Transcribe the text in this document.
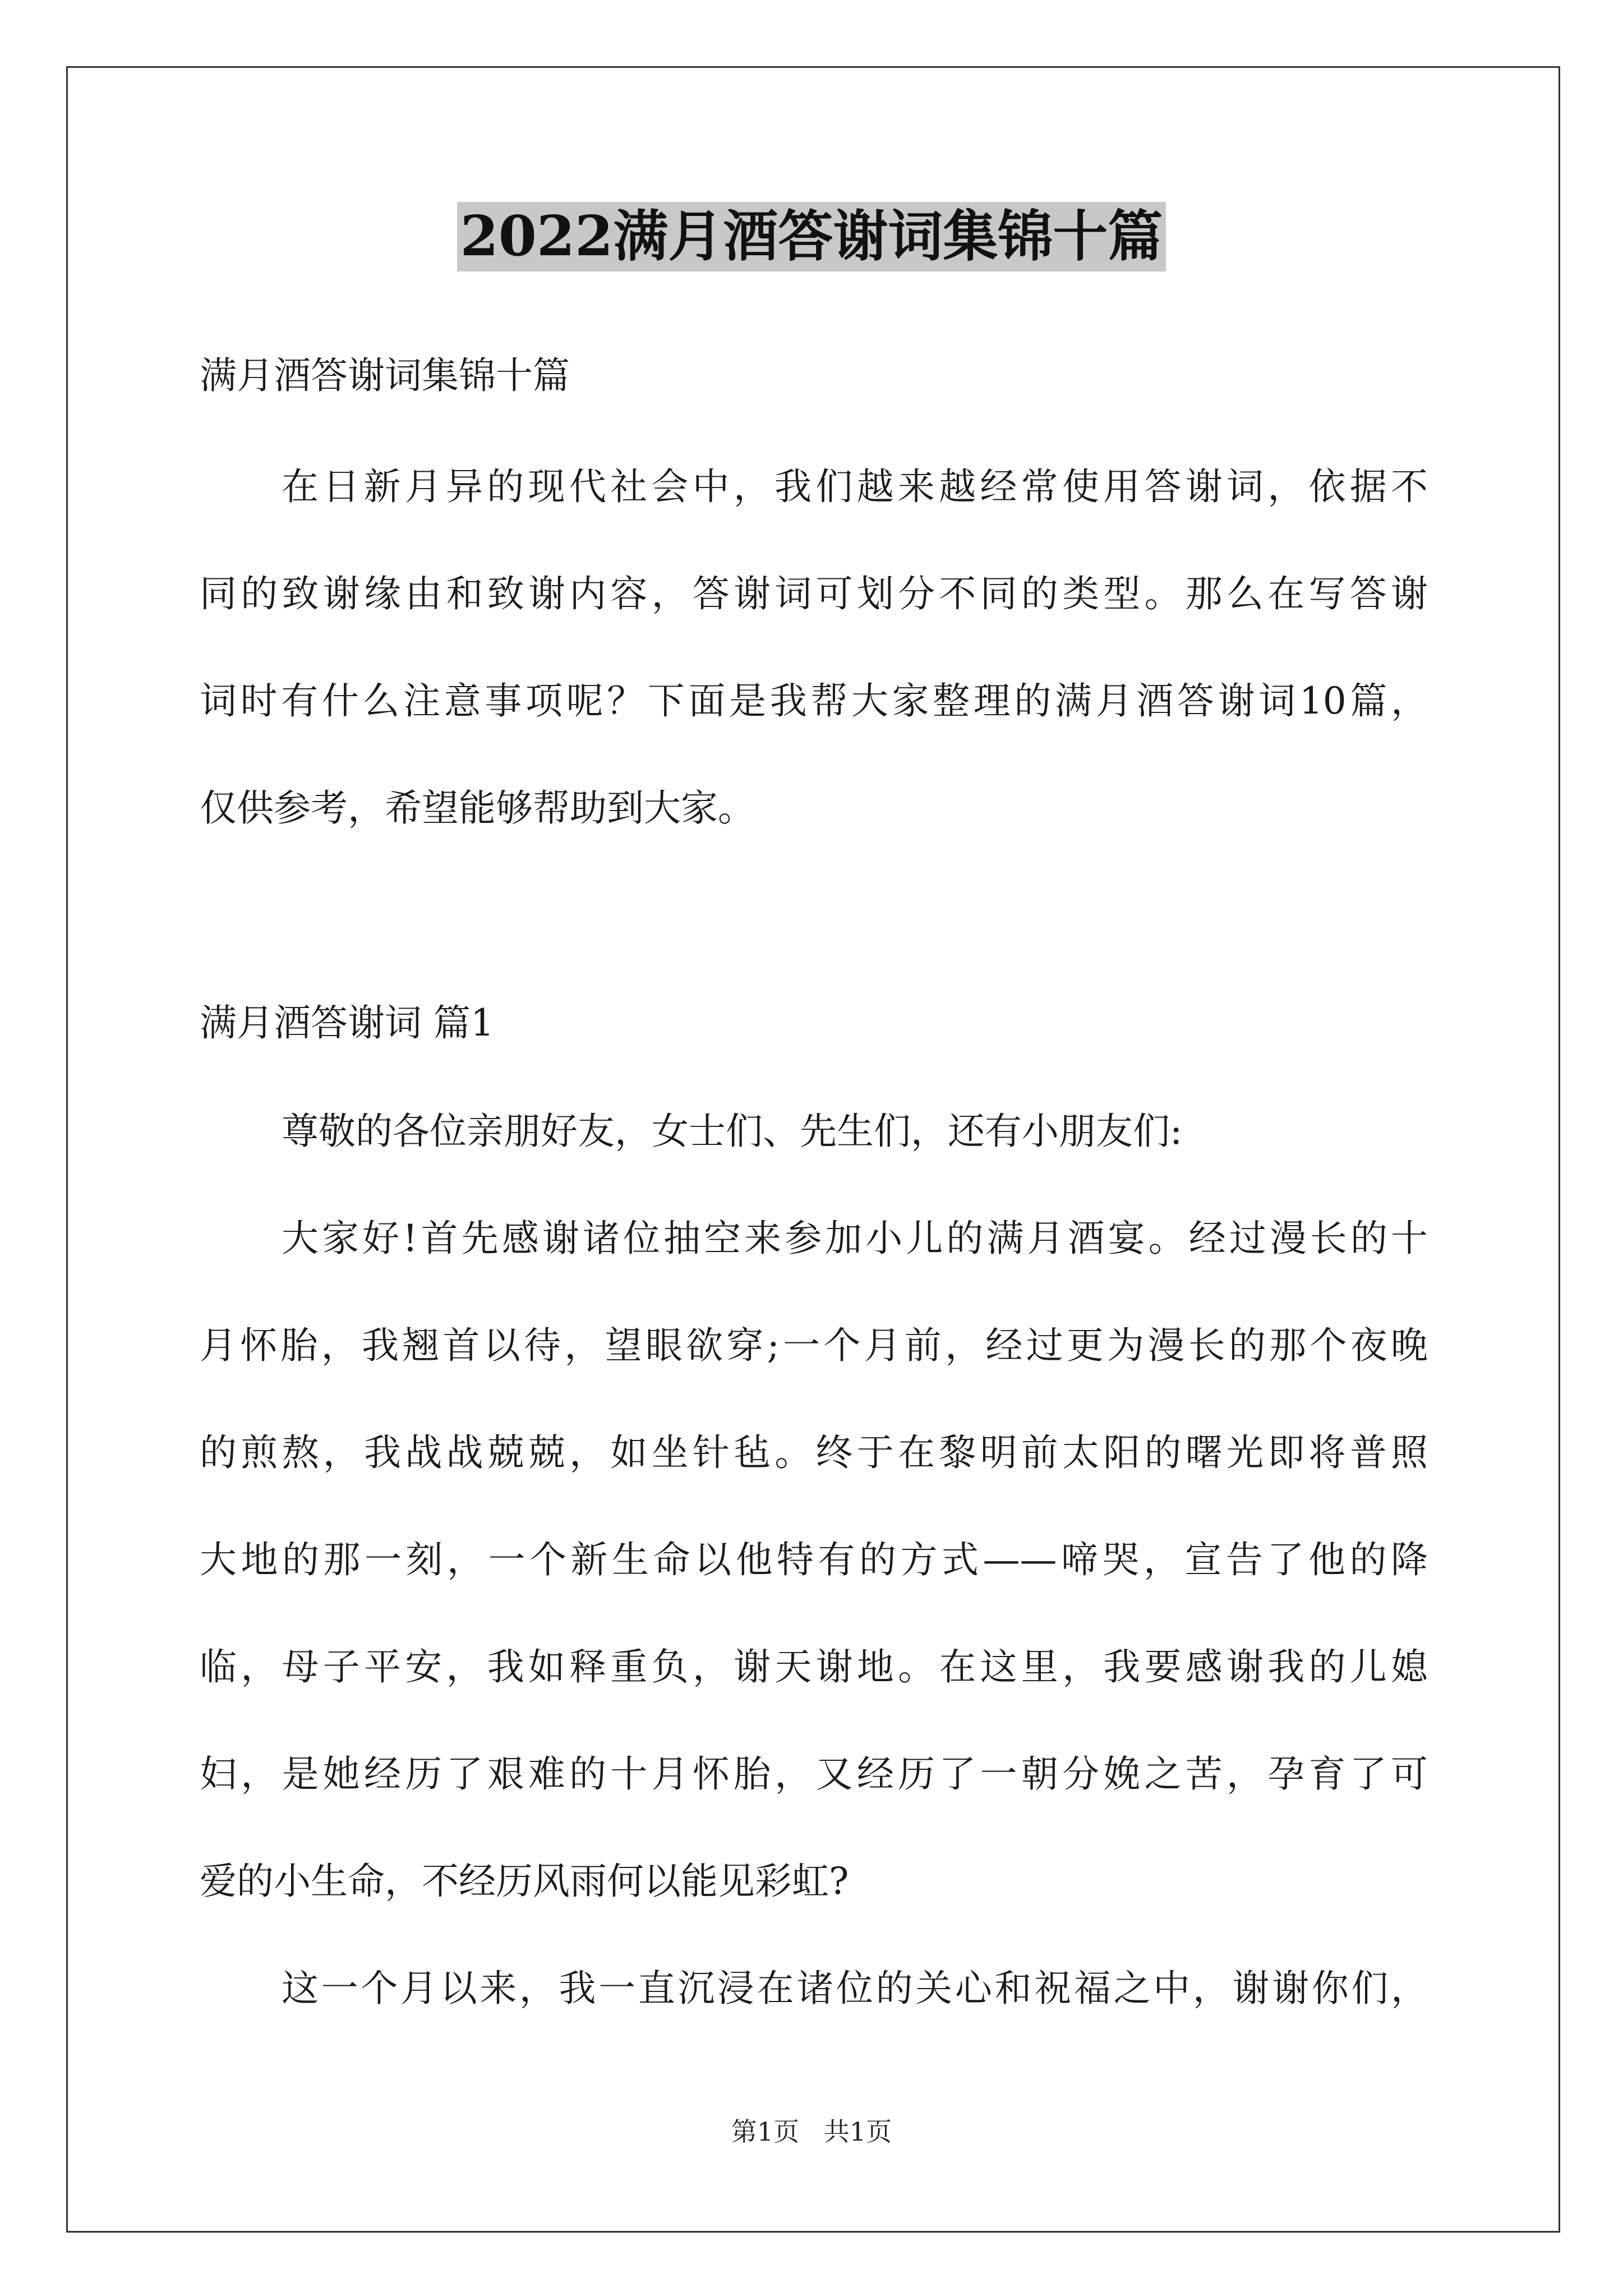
2022满月酒答谢词集锦十篇
满月酒答谢词集锦十篇
在日新月异的现代社会中，我们越来越经常使用答谢词，依据不
同的致谢缘由和致谢内容，答谢词可划分不同的类型。那么在写答谢
词时有什么注意事项呢？下面是我帮大家整理的满月酒答谢词10篇，
仅供参考，希望能够帮助到大家。
满月酒答谢词 篇1
尊敬的各位亲朋好友，女士们、先生们，还有小朋友们:
大家好!首先感谢诸位抽空来参加小儿的满月酒宴。经过漫长的十
月怀胎，我翘首以待，望眼欲穿;一个月前，经过更为漫长的那个夜晚
的煎熬，我战战兢兢，如坐针毡。终于在黎明前太阳的曙光即将普照
大地的那一刻，一个新生命以他特有的方式——啼哭，宣告了他的降
临，母子平安，我如释重负，谢天谢地。在这里，我要感谢我的儿媳
妇，是她经历了艰难的十月怀胎，又经历了一朝分娩之苦，孕育了可
爱的小生命，不经历风雨何以能见彩虹?
这一个月以来，我一直沉浸在诸位的关心和祝福之中，谢谢你们，
第1页   共1页
